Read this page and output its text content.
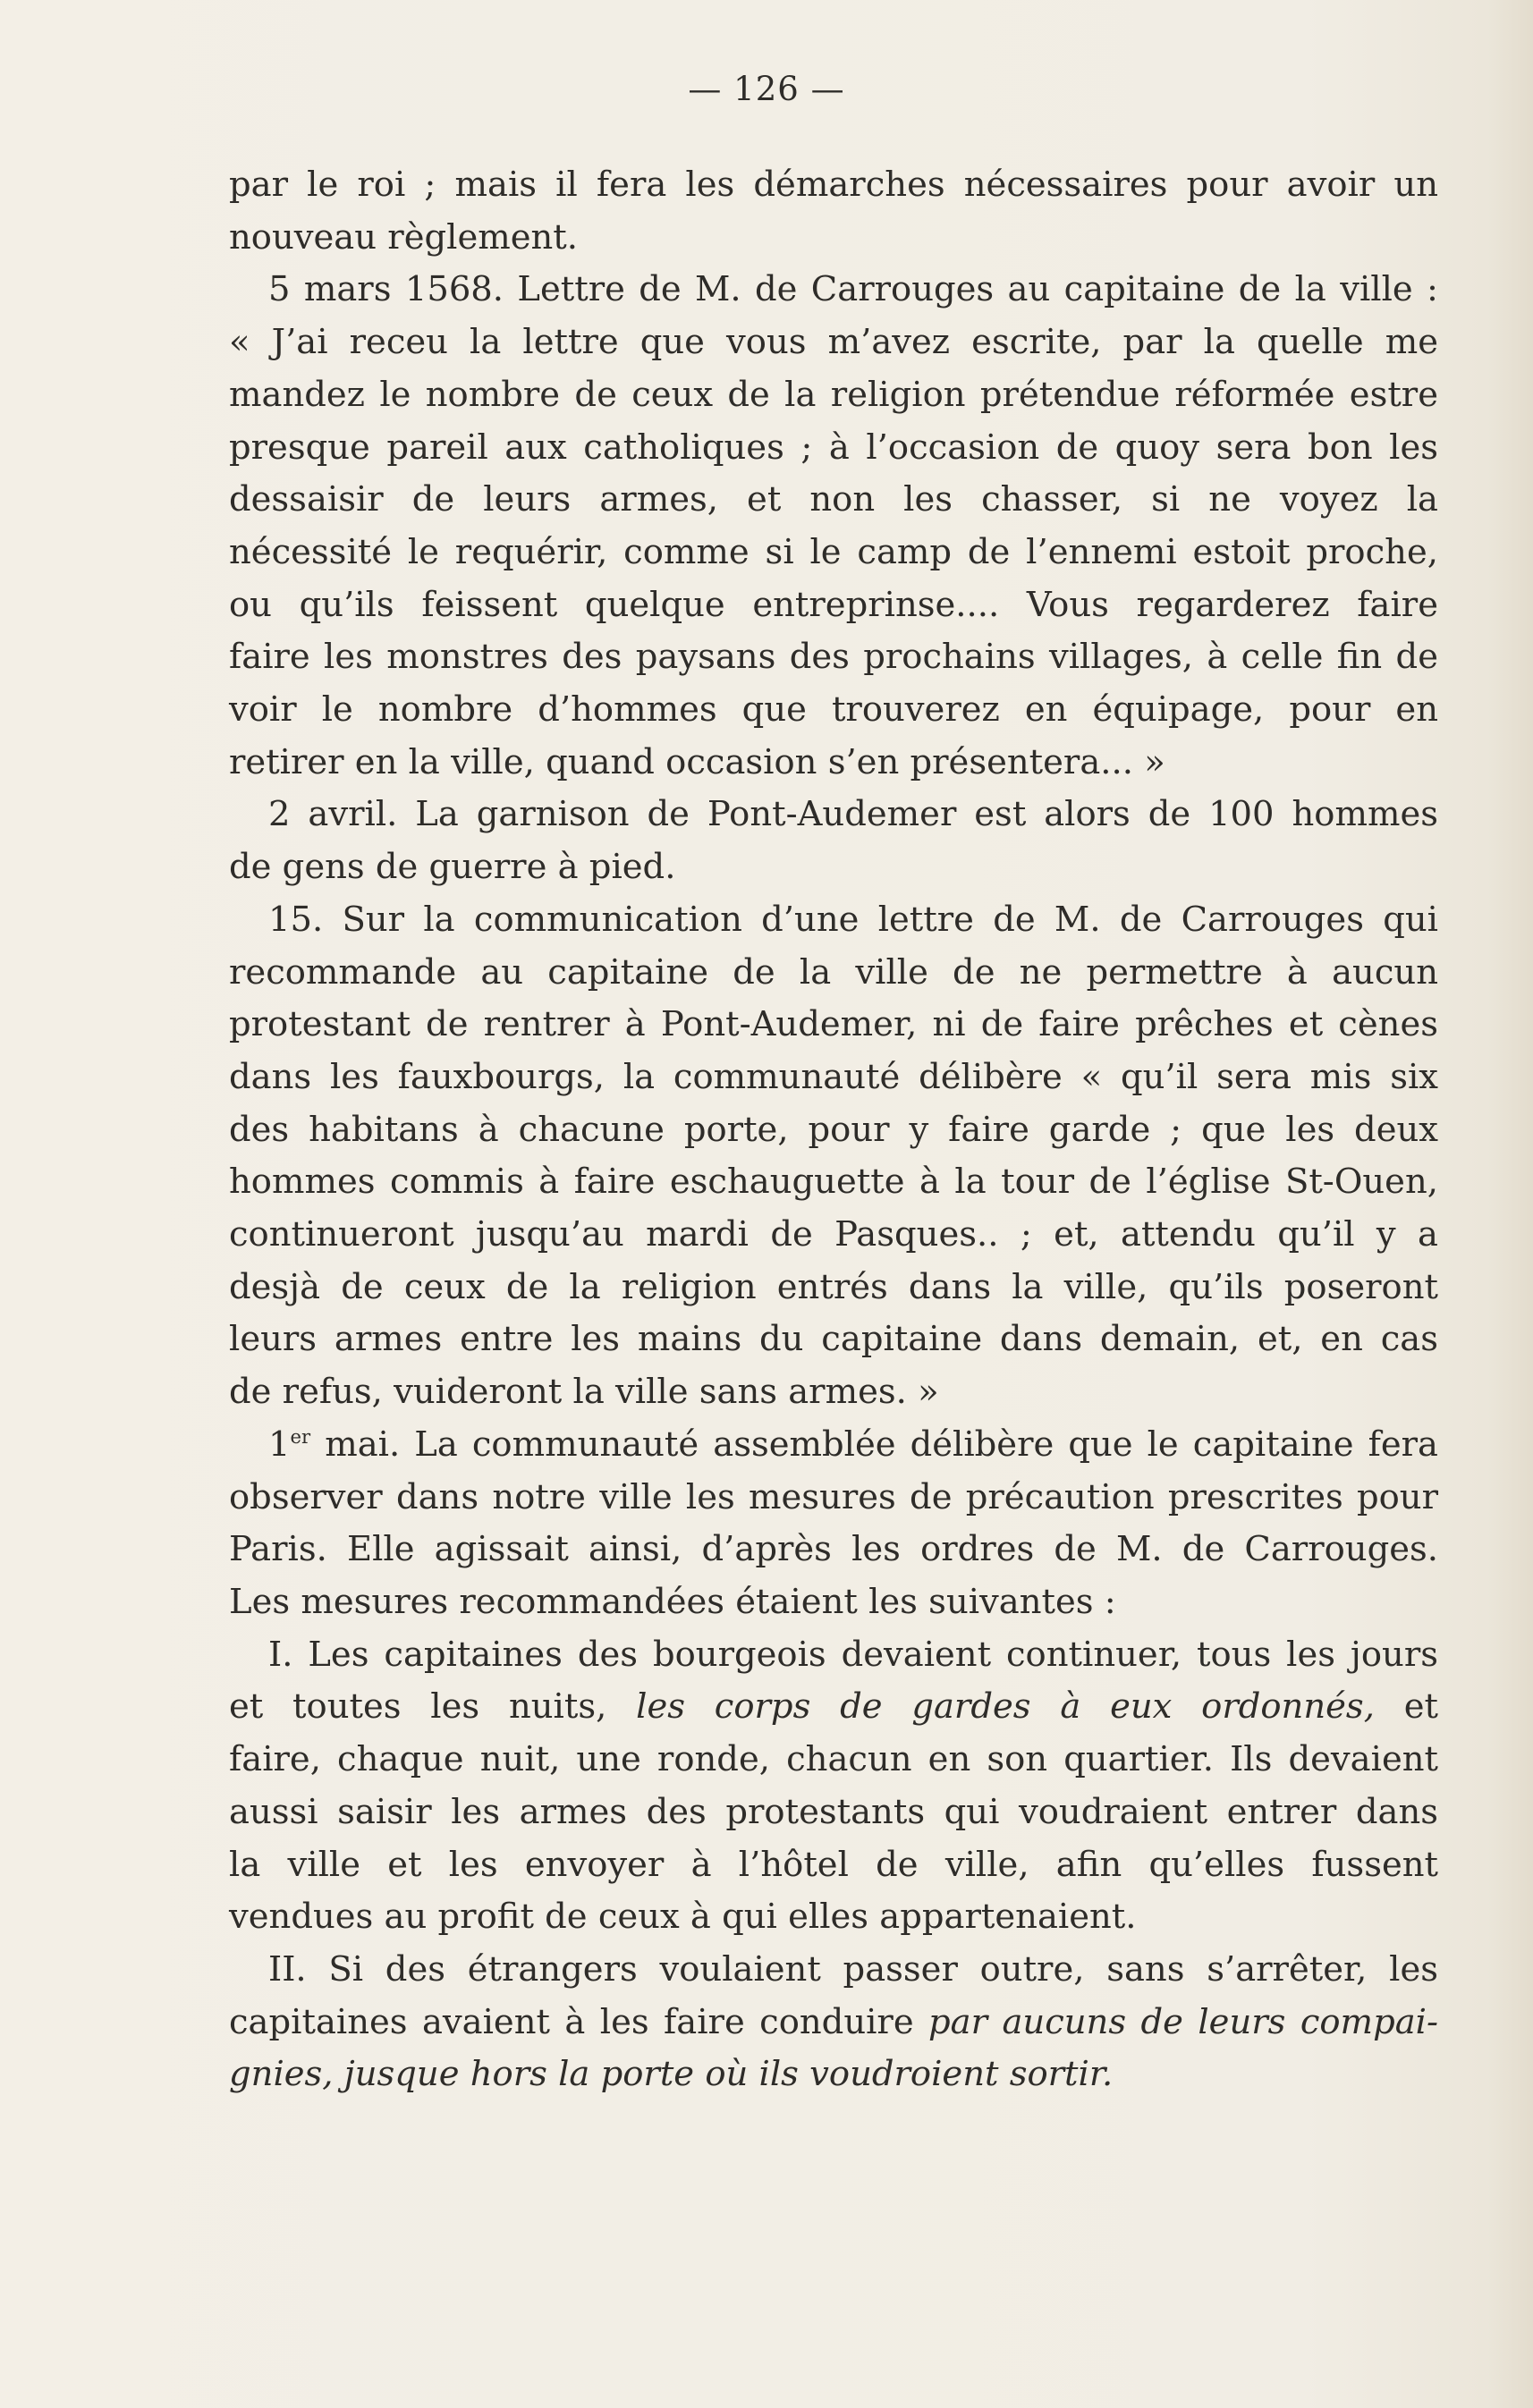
— 126 —
par le roi ; mais il fera les démarches nécessaires pour avoir un
nouveau règlement.
5 mars 1568. Lettre de M. de Carrouges au capitaine de la ville :
« J’ai receu la lettre que vous m’avez escrite, par la quelle me
mandez le nombre de ceux de la religion prétendue réformée estre
presque pareil aux catholiques ; à l’occasion de quoy sera bon les
dessaisir de leurs armes, et non les chasser, si ne voyez la
nécessité le requérir, comme si le camp de l’ennemi estoit proche,
ou qu’ils feissent quelque entreprinse.... Vous regarderez faire
faire les monstres des paysans des prochains villages, à celle fin de
voir le nombre d’hommes que trouverez en équipage, pour en
retirer en la ville, quand occasion s’en présentera... »
2 avril. La garnison de Pont-Audemer est alors de 100 hommes
de gens de guerre à pied.
15. Sur la communication d’une lettre de M. de Carrouges qui
recommande au capitaine de la ville de ne permettre à aucun
protestant de rentrer à Pont-Audemer, ni de faire prêches et cènes
dans les fauxbourgs, la communauté délibère « qu’il sera mis six
des habitans à chacune porte, pour y faire garde ; que les deux
hommes commis à faire eschauguette à la tour de l’église St-Ouen,
continueront jusqu’au mardi de Pasques.. ; et, attendu qu’il y a
desjà de ceux de la religion entrés dans la ville, qu’ils poseront
leurs armes entre les mains du capitaine dans demain, et, en cas
de refus, vuideront la ville sans armes. »
1er mai. La communauté assemblée délibère que le capitaine fera
observer dans notre ville les mesures de précaution prescrites pour
Paris. Elle agissait ainsi, d’après les ordres de M. de Carrouges.
Les mesures recommandées étaient les suivantes :
I. Les capitaines des bourgeois devaient continuer, tous les jours
et toutes les nuits, les corps de gardes à eux ordonnés, et
faire, chaque nuit, une ronde, chacun en son quartier. Ils devaient
aussi saisir les armes des protestants qui voudraient entrer dans
la ville et les envoyer à l’hôtel de ville, afin qu’elles fussent
vendues au profit de ceux à qui elles appartenaient.
II. Si des étrangers voulaient passer outre, sans s’arrêter, les
capitaines avaient à les faire conduire par aucuns de leurs compai-
gnies, jusque hors la porte où ils voudroient sortir.
